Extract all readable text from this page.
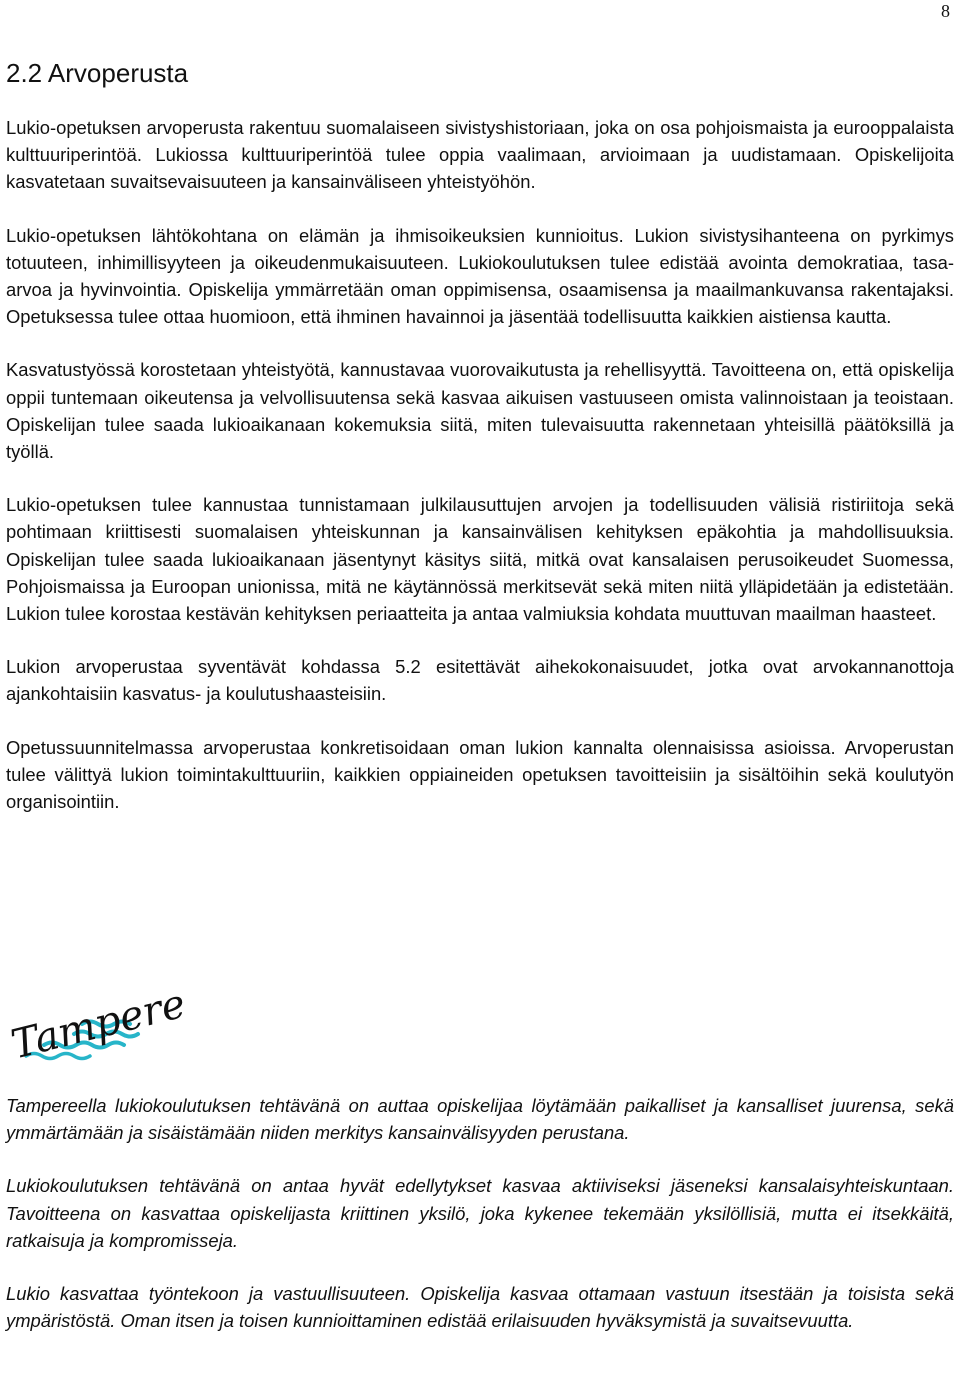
8
2.2 Arvoperusta

Lukio-opetuksen arvoperusta rakentuu suomalaiseen sivistyshistoriaan, joka on osa pohjoismaista ja eurooppalaista kulttuuriperintöä. Lukiossa kulttuuriperintöä tulee oppia vaalimaan, arvioimaan ja uudistamaan. Opiskelijoita kasvatetaan suvaitsevaisuuteen ja kansainväliseen yhteistyöhön.

Lukio-opetuksen lähtökohtana on elämän ja ihmisoikeuksien kunnioitus. Lukion sivistysihanteena on pyrkimys totuuteen, inhimillisyyteen ja oikeudenmukaisuuteen. Lukiokoulutuksen tulee edistää avointa demokratiaa, tasa-arvoa ja hyvinvointia. Opiskelija ymmärretään oman oppimisensa, osaamisensa ja maailmankuvansa rakentajaksi. Opetuksessa tulee ottaa huomioon, että ihminen havainnoi ja jäsentää todellisuutta kaikkien aistiensa kautta.

Kasvatustyössä korostetaan yhteistyötä, kannustavaa vuorovaikutusta ja rehellisyyttä. Tavoitteena on, että opiskelija oppii tuntemaan oikeutensa ja velvollisuutensa sekä kasvaa aikuisen vastuuseen omista valinnoistaan ja teoistaan. Opiskelijan tulee saada lukioaikanaan kokemuksia siitä, miten tulevaisuutta rakennetaan yhteisillä päätöksillä ja työllä.

Lukio-opetuksen tulee kannustaa tunnistamaan julkilausuttujen arvojen ja todellisuuden välisiä ristiriitoja sekä pohtimaan kriittisesti suomalaisen yhteiskunnan ja kansainvälisen kehityksen epäkohtia ja mahdollisuuksia. Opiskelijan tulee saada lukioaikanaan jäsentynyt käsitys siitä, mitkä ovat kansalaisen perusoikeudet Suomessa, Pohjoismaissa ja Euroopan unionissa, mitä ne käytännössä merkitsevät sekä miten niitä ylläpidetään ja edistetään. Lukion tulee korostaa kestävän kehityksen periaatteita ja antaa valmiuksia kohdata muuttuvan maailman haasteet.

Lukion arvoperustaa syventävät kohdassa 5.2 esitettävät aihekokonaisuudet, jotka ovat arvokannanottoja ajankohtaisiin kasvatus- ja koulutushaasteisiin.

Opetussuunnitelmassa arvoperustaa konkretisoidaan oman lukion kannalta olennaisissa asioissa. Arvoperustan tulee välittyä lukion toimintakulttuuriin, kaikkien oppiaineiden opetuksen tavoitteisiin ja sisältöihin sekä koulutyön organisointiin.

Tampere

Tampereella lukiokoulutuksen tehtävänä on auttaa opiskelijaa löytämään paikalliset ja kansalliset juurensa, sekä ymmärtämään ja sisäistämään niiden merkitys kansainvälisyyden perustana.

Lukiokoulutuksen tehtävänä on antaa hyvät edellytykset kasvaa aktiiviseksi jäseneksi kansalaisyhteiskuntaan. Tavoitteena on kasvattaa opiskelijasta kriittinen yksilö, joka kykenee tekemään yksilöllisiä, mutta ei itsekkäitä, ratkaisuja ja kompromisseja.

Lukio kasvattaa työntekoon ja vastuullisuuteen. Opiskelija kasvaa ottamaan vastuun itsestään ja toisista sekä ympäristöstä. Oman itsen ja toisen kunnioittaminen edistää erilaisuuden hyväksymistä ja suvaitsevuutta.
